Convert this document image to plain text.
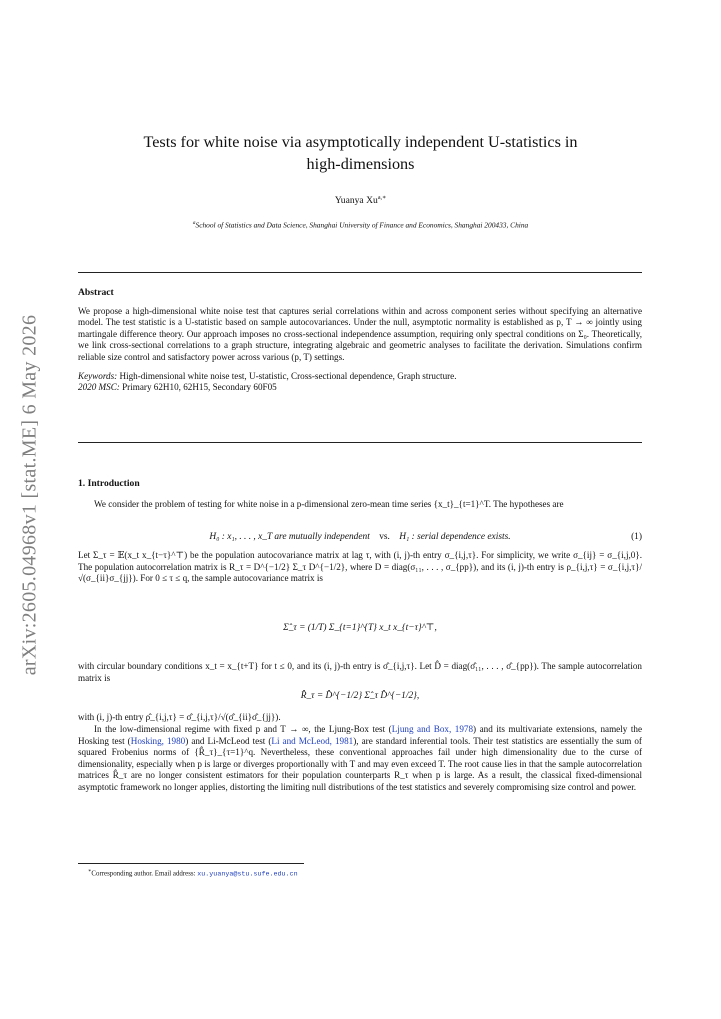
arXiv:2605.04968v1 [stat.ME] 6 May 2026
Tests for white noise via asymptotically independent U-statistics in
high-dimensions
Yuanya $Xu^{a,∗}$
$^a$School of Statistics and Data Science, Shanghai University of Finance and Economics, Shanghai 200433, China

Abstract

We propose a high-dimensional white noise test that captures serial correlations within and across component series without specifying an alternative model. The test statistic is a U-statistic based on sample autocovariances. Under the null, asymptotic normality is established as p, T → ∞ jointly using martingale difference theory. Our approach imposes no cross-sectional independence assumption, requiring only spectral conditions on Σ₀. Theoretically, we link cross-sectional correlations to a graph structure, integrating algebraic and geometric analyses to facilitate the derivation. Simulations confirm reliable size control and satisfactory power across various (p, T) settings.

Keywords: High-dimensional white noise test, U-statistic, Cross-sectional dependence, Graph structure.

2020 MSC: Primary 62H10, 62H15, Secondary 60F05

1. Introduction

We consider the problem of testing for white noise in a p-dimensional zero-mean time series {x_t}_{t=1}^T. The hypotheses are

H₀ : x₁, . . . , x_T are mutually independent vs. H₁ : serial dependence exists.	(1)
Let Σ_τ = 𝔼(x_t x_{t−τ}^⊤) be the population autocovariance matrix at lag τ, with (i, j)-th entry σ_{i,j,τ}. For simplicity, we write σ_{ij} = σ_{i,j,0}. The population autocorrelation matrix is R_τ = D^{−1/2} Σ_τ D^{−1/2}, where D = diag(σ₁₁, . . . , σ_{pp}), and its (i, j)-th entry is ρ_{i,j,τ} = σ_{i,j,τ}/√(σ_{ii}σ_{jj}). For 0 ≤ τ ≤ q, the sample autocovariance matrix is
Σ̂_τ = (1/T) Σ_{t=1}^{T} x_t x_{t−τ}^⊤,
with circular boundary conditions x_t = x_{t+T} for t ≤ 0, and its (i, j)-th entry is σ̂_{i,j,τ}. Let D̂ = diag(σ̂₁₁, . . . , σ̂_{pp}). The sample autocorrelation matrix is
R̂_τ = D̂^{−1/2} Σ̂_τ D̂^{−1/2},
with (i, j)-th entry ρ̂_{i,j,τ} = σ̂_{i,j,τ}/√(σ̂_{ii}σ̂_{jj}).

In the low-dimensional regime with fixed p and T → ∞, the Ljung-Box test (Ljung and Box, 1978) and its multivariate extensions, namely the Hosking test (Hosking, 1980) and Li-McLeod test (Li and McLeod, 1981), are standard inferential tools. Their test statistics are essentially the sum of squared Frobenius norms of {R̂_τ}_{τ=1}^q. Nevertheless, these conventional approaches fail under high dimensionality due to the curse of dimensionality, especially when p is large or diverges proportionally with T and may even exceed T. The root cause lies in that the sample autocorrelation matrices R̂_τ are no longer consistent estimators for their population counterparts R_τ when p is large. As a result, the classical fixed-dimensional asymptotic framework no longer applies, distorting the limiting null distributions of the test statistics and severely compromising size control and power.

∗Corresponding author. Email address: xu.yuanya@stu.sufe.edu.cn
